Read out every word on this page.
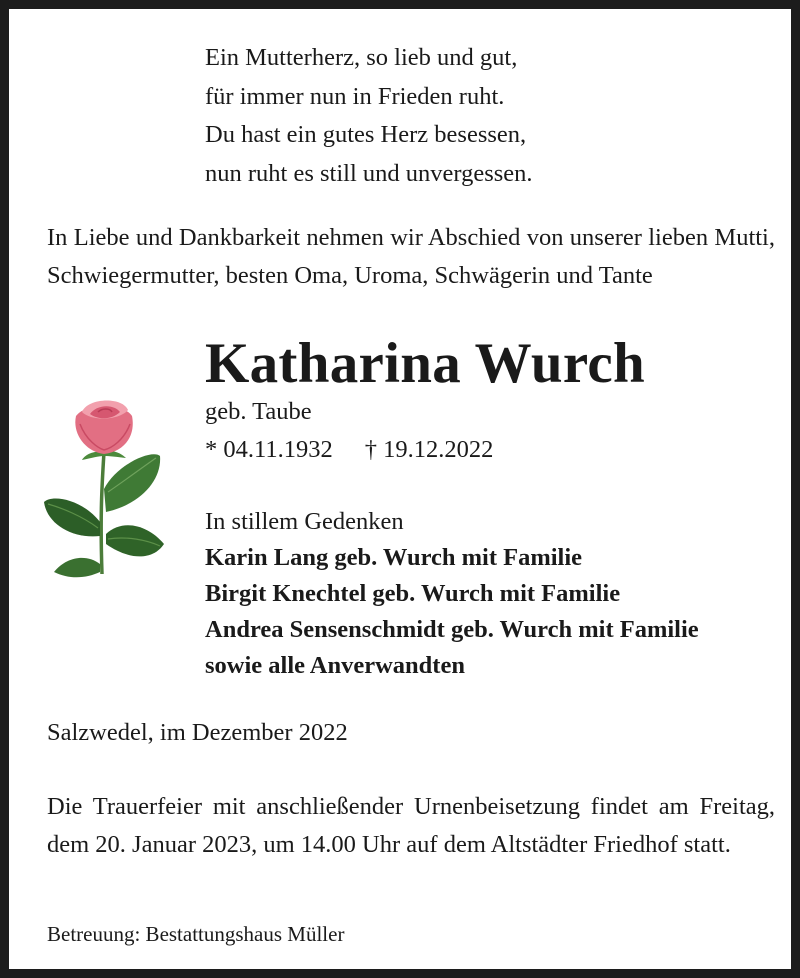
Ein Mutterherz, so lieb und gut,
für immer nun in Frieden ruht.
Du hast ein gutes Herz besessen,
nun ruht es still und unvergessen.
In Liebe und Dankbarkeit nehmen wir Abschied von unserer lieben Mutti, Schwiegermutter, besten Oma, Uroma, Schwägerin und Tante
Katharina Wurch
geb. Taube
* 04.11.1932 † 19.12.2022
In stillem Gedenken
Karin Lang geb. Wurch mit Familie
Birgit Knechtel geb. Wurch mit Familie
Andrea Sensenschmidt geb. Wurch mit Familie
sowie alle Anverwandten
Salzwedel, im Dezember 2022
Die Trauerfeier mit anschließender Urnenbeisetzung findet am Freitag, dem 20. Januar 2023, um 14.00 Uhr auf dem Altstädter Friedhof statt.
Betreuung: Bestattungshaus Müller
